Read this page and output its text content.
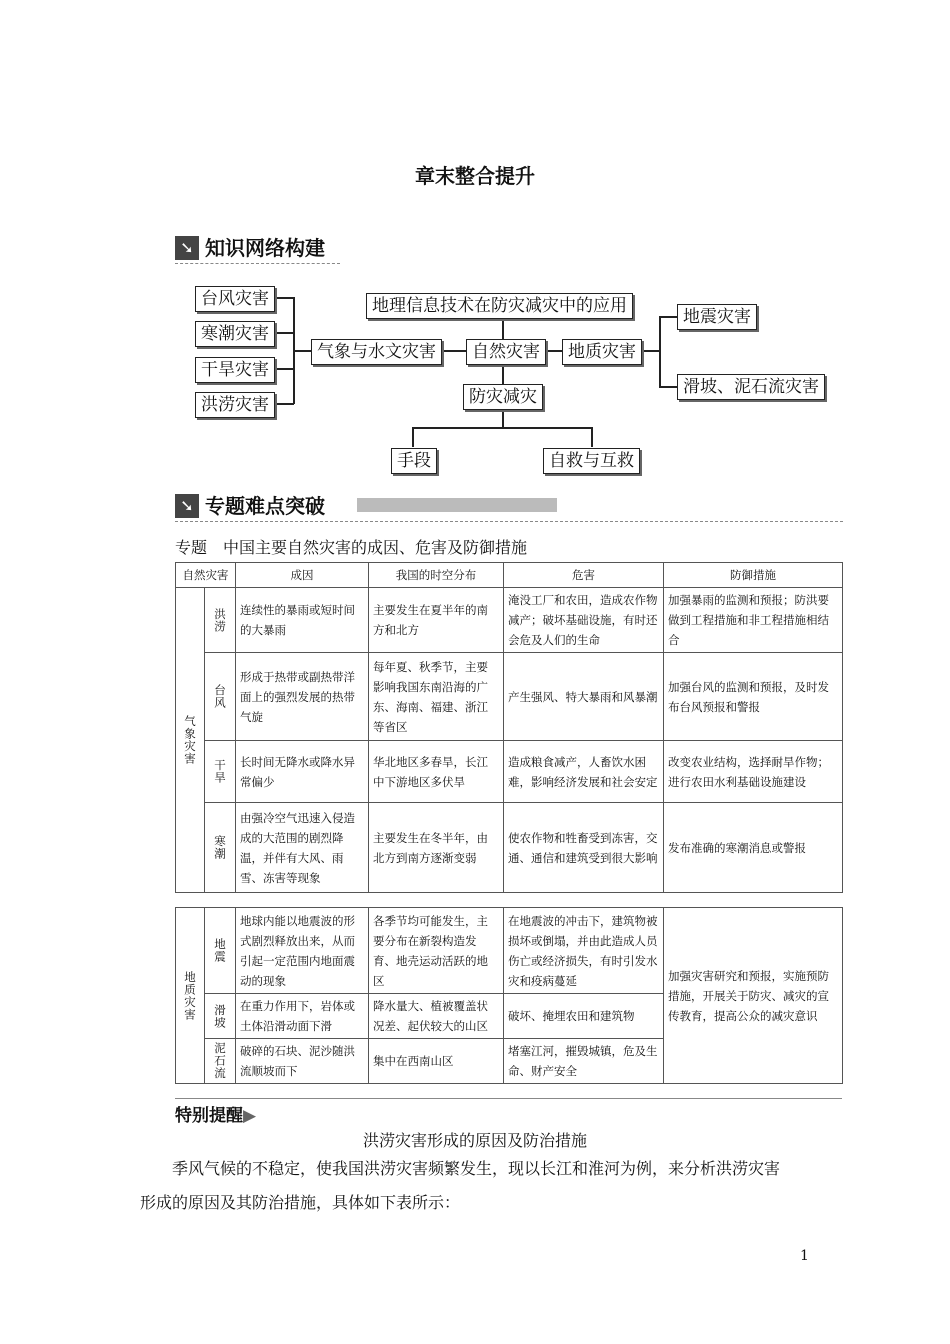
章末整合提升
➘ 知识网络构建
台风灾害
寒潮灾害
干旱灾害
洪涝灾害
气象与水文灾害	自然灾害	地质灾害
地理信息技术在防灾减灾中的应用
地震灾害
滑坡、泥石流灾害
防灾减灾
手段	自救与互救
➘ 专题难点突破
专题　中国主要自然灾害的成因、危害及防御措施
自然灾害		成因	我国的时空分布	危害	防御措施

气象灾害	洪涝	连续性的暴雨或短时间的大暴雨	主要发生在夏半年的南方和北方	淹没工厂和农田，造成农作物减产；破坏基础设施，有时还会危及人们的生命	加强暴雨的监测和预报；防洪要做到工程措施和非工程措施相结合

	台风	形成于热带或副热带洋面上的强烈发展的热带气旋	每年夏、秋季节，主要影响我国东南沿海的广东、海南、福建、浙江等省区	产生强风、特大暴雨和风暴潮	加强台风的监测和预报，及时发布台风预报和警报

	干旱	长时间无降水或降水异常偏少	华北地区多春旱，长江中下游地区多伏旱	造成粮食减产，人畜饮水困难，影响经济发展和社会安定	改变农业结构，选择耐旱作物；进行农田水利基础设施建设

	寒潮	由强冷空气迅速入侵造成的大范围的剧烈降温，并伴有大风、雨雪、冻害等现象	主要发生在冬半年，由北方到南方逐渐变弱	使农作物和牲畜受到冻害，交通、通信和建筑受到很大影响	发布准确的寒潮消息或警报
地质灾害	地震	地球内能以地震波的形式剧烈释放出来，从而引起一定范围内地面震动的现象	各季节均可能发生，主要分布在新裂构造发育、地壳运动活跃的地区	在地震波的冲击下，建筑物被损坏或倒塌，并由此造成人员伤亡或经济损失，有时引发水灾和疫病蔓延	加强灾害研究和预报，实施预防措施，开展关于防灾、减灾的宣传教育，提高公众的减灾意识

	滑坡	在重力作用下，岩体或土体沿滑动面下滑	降水量大、植被覆盖状况差、起伏较大的山区	破坏、掩埋农田和建筑物	

	泥石流	破碎的石块、泥沙随洪流顺坡而下	集中在西南山区	堵塞江河，摧毁城镇，危及生命、财产安全	
特别提醒▶
洪涝灾害形成的原因及防治措施
季风气候的不稳定，使我国洪涝灾害频繁发生，现以长江和淮河为例，来分析洪涝灾害
形成的原因及其防治措施，具体如下表所示：
1
